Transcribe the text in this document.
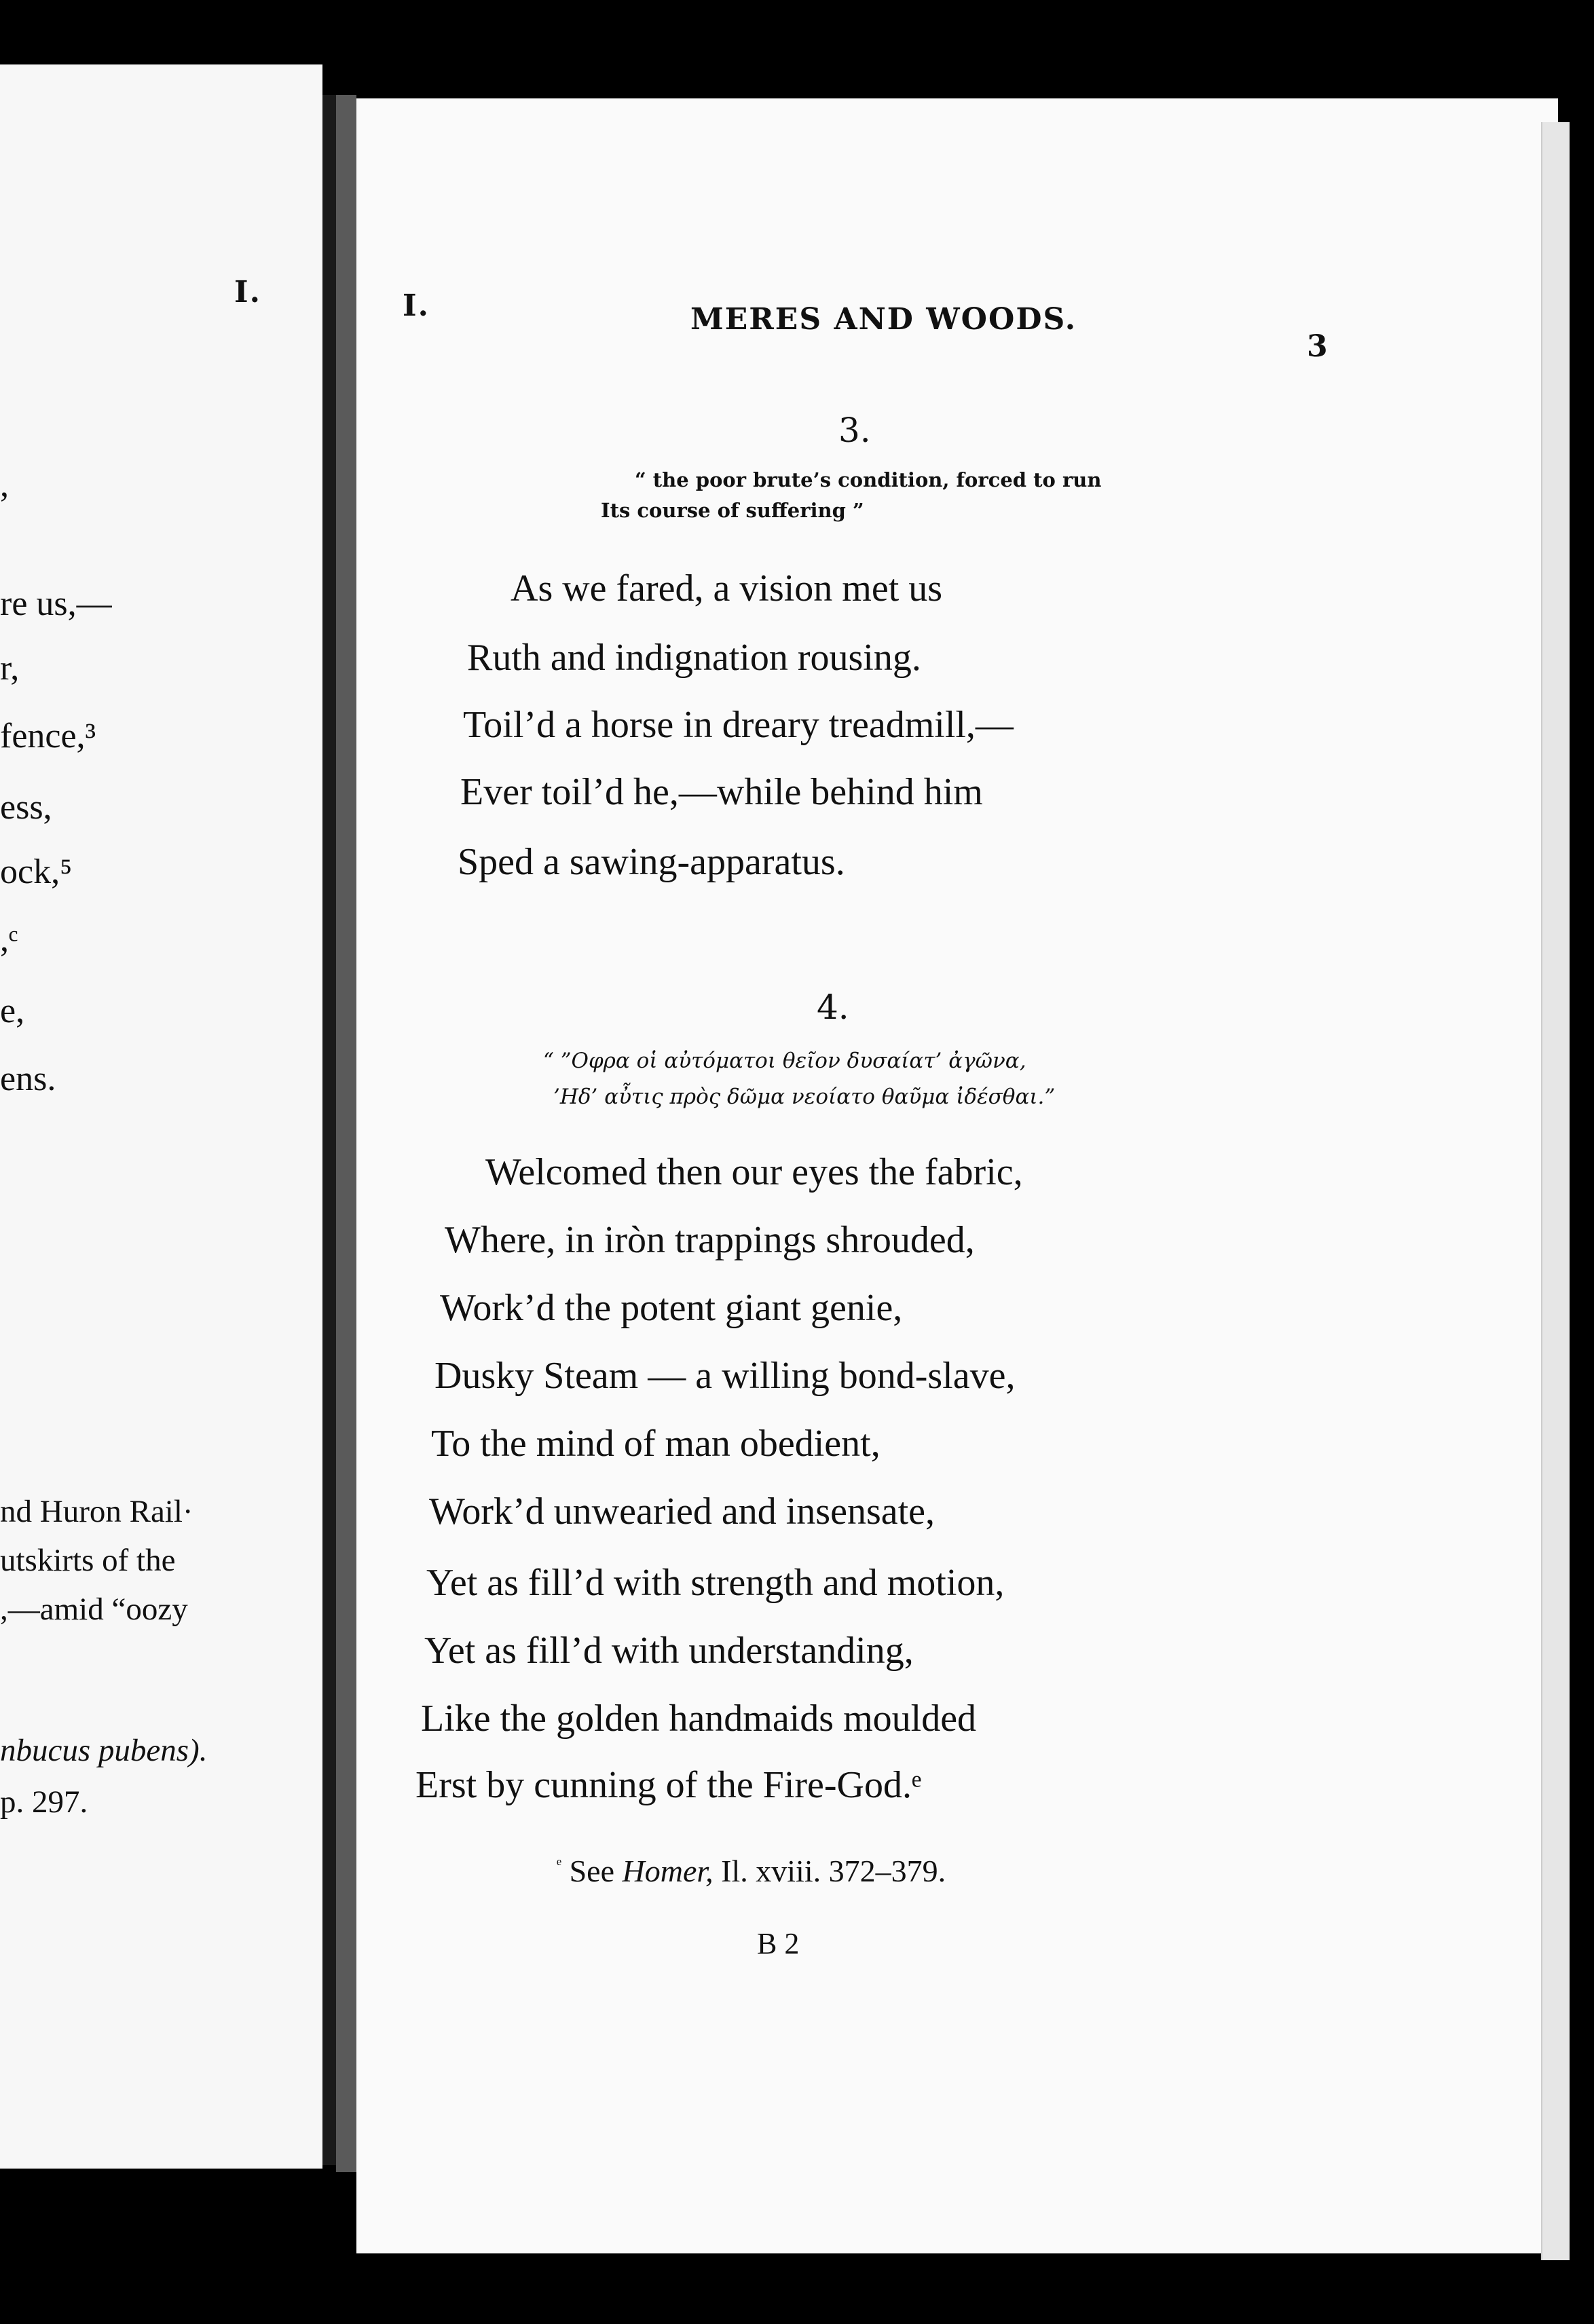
I.
,
re us,—
r,
fence,³
ess,
ock,⁵
,ᶜ
e,
ens.
nd Huron Rail·
utskirts of the
,—amid “oozy
nbucus pubens).
p. 297.
I.	MERES AND WOODS.
3
3.
“ the poor brute’s condition, forced to run
Its course of suffering ”
As we fared, a vision met us
Ruth and indignation rousing.
Toil’d a horse in dreary treadmill,—
Ever toil’d he,—while behind him
Sped a sawing-apparatus.
4.
“ ”Οφρα οἱ αὐτόματοι θεῖον δυσαίατ’ ἀγῶνα,
’Ηδ’ αὖτις πρὸς δῶμα νεοίατο θαῦμα ἰδέσθαι.”
Welcomed then our eyes the fabric,
Where, in iròn trappings shrouded,
Work’d the potent giant genie,
Dusky Steam — a willing bond-slave,
To the mind of man obedient,
Work’d unwearied and insensate,
Yet as fill’d with strength and motion,
Yet as fill’d with understanding,
Like the golden handmaids moulded
Erst by cunning of the Fire-God.ᵉ
$^ᵉ$ See Homer, Il. xviii. 372–379.
B 2
